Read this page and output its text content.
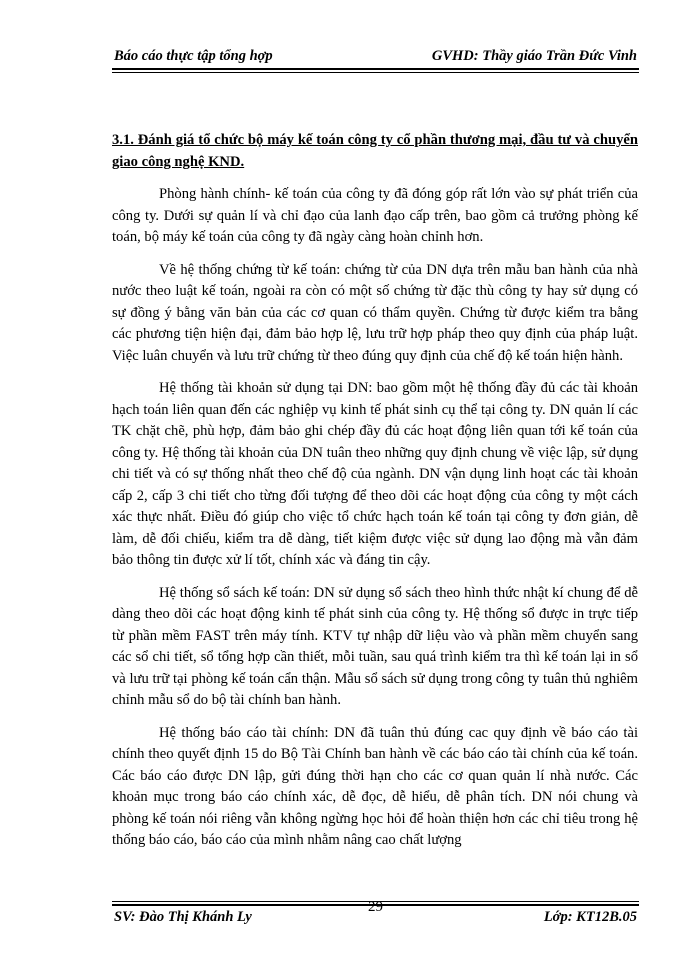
Báo cáo thực tập tổng hợp	GVHD: Thầy giáo Trần Đức Vinh

3.1. Đánh giá tổ chức bộ máy kế toán công ty cổ phần thương mại, đầu tư và chuyển giao công nghệ KND.

Phòng hành chính- kế toán của công ty đã đóng góp rất lớn vào sự phát triển của công ty. Dưới sự quản lí và chỉ đạo của lanh đạo cấp trên, bao gồm cả trưởng phòng kế toán, bộ máy kế toán của công ty đã ngày càng hoàn chỉnh hơn.

Về hệ thống chứng từ kế toán: chứng từ của DN dựa trên mẫu ban hành của nhà nước theo luật kế toán, ngoài ra còn có một số chứng từ đặc thù công ty hay sử dụng có sự đồng ý bằng văn bản của các cơ quan có thẩm quyền. Chứng từ được kiểm tra bằng các phương tiện hiện đại, đảm bảo hợp lệ, lưu trữ hợp pháp theo quy định của pháp luật. Việc luân chuyển và lưu trữ chứng từ theo đúng quy định của chế độ kế toán hiện hành.

Hệ thống tài khoản sử dụng tại DN: bao gồm một hệ thống đầy đủ các tài khoản hạch toán liên quan đến các nghiệp vụ kinh tế phát sinh cụ thể tại công ty. DN quản lí các TK chặt chẽ, phù hợp, đảm bảo ghi chép đầy đủ các hoạt động liên quan tới kế toán của công ty. Hệ thống tài khoản của DN tuân theo những quy định chung về việc lập, sử dụng chi tiết và có sự thống nhất theo chế độ của ngành. DN vận dụng linh hoạt các tài khoản cấp 2, cấp 3 chi tiết cho từng đối tượng để theo dõi các hoạt động của công ty một cách xác thực nhất. Điều đó giúp cho việc tổ chức hạch toán kế toán tại công ty đơn giản, dễ làm, dễ đối chiếu, kiểm tra dễ dàng, tiết kiệm được việc sử dụng lao động mà vẫn đảm bảo thông tin được xử lí tốt, chính xác và đáng tin cậy.

Hệ thống sổ sách kế toán: DN sử dụng sổ sách theo hình thức nhật kí chung để dễ dàng theo dõi các hoạt động kinh tế phát sinh của công ty. Hệ thống sổ được in trực tiếp từ phần mềm FAST trên máy tính. KTV tự nhập dữ liệu vào và phần mềm chuyển sang các sổ chi tiết, sổ tổng hợp cần thiết, mỗi tuần, sau quá trình kiểm tra thì kế toán lại in sổ và lưu trữ tại phòng kế toán cẩn thận. Mẫu sổ sách sử dụng trong công ty tuân thủ nghiêm chỉnh mẫu sổ do bộ tài chính ban hành.

Hệ thống báo cáo tài chính: DN đã tuân thủ đúng cac quy định về báo cáo tài chính theo quyết định 15 do Bộ Tài Chính ban hành về các báo cáo tài chính của kế toán. Các báo cáo được DN lập, gửi đúng thời hạn cho các cơ quan quản lí nhà nước. Các khoản mục trong báo cáo chính xác, dễ đọc, dễ hiểu, dễ phân tích. DN nói chung và phòng kế toán nói riêng vẫn không ngừng học hỏi để hoàn thiện hơn các chỉ tiêu trong hệ thống báo cáo, báo cáo của mình nhằm nâng cao chất lượng

SV: Đào Thị Khánh Ly
29
Lớp: KT12B.05
